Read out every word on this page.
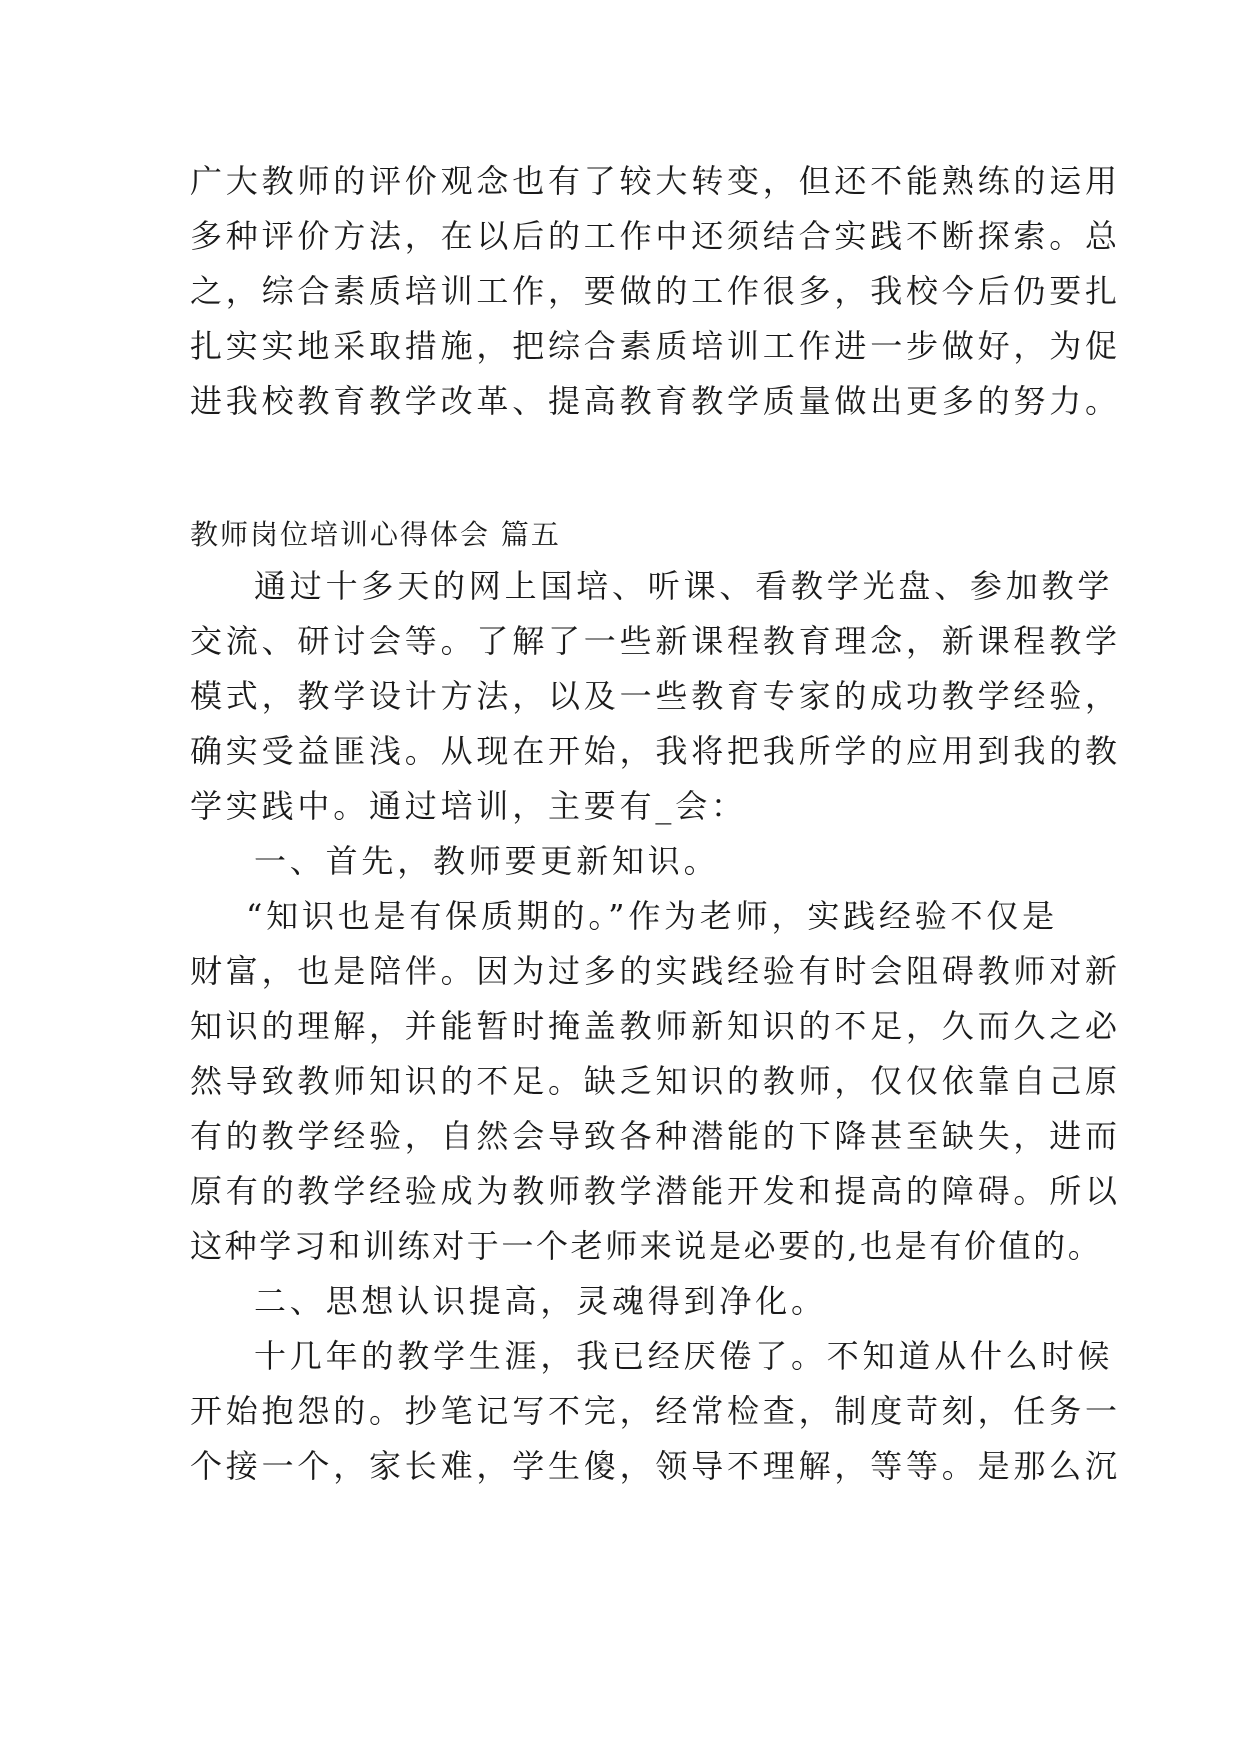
广大教师的评价观念也有了较大转变，但还不能熟练的运用
多种评价方法，在以后的工作中还须结合实践不断探索。总
之，综合素质培训工作，要做的工作很多，我校今后仍要扎
扎实实地采取措施，把综合素质培训工作进一步做好，为促
进我校教育教学改革、提高教育教学质量做出更多的努力。
教师岗位培训心得体会 篇五
通过十多天的网上国培、听课、看教学光盘、参加教学
交流、研讨会等。了解了一些新课程教育理念，新课程教学
模式，教学设计方法，以及一些教育专家的成功教学经验，
确实受益匪浅。从现在开始，我将把我所学的应用到我的教
学实践中。通过培训，主要有_会：
一、首先，教师要更新知识。
“知识也是有保质期的。”作为老师，实践经验不仅是
财富，也是陪伴。因为过多的实践经验有时会阻碍教师对新
知识的理解，并能暂时掩盖教师新知识的不足，久而久之必
然导致教师知识的不足。缺乏知识的教师，仅仅依靠自己原
有的教学经验，自然会导致各种潜能的下降甚至缺失，进而
原有的教学经验成为教师教学潜能开发和提高的障碍。所以
这种学习和训练对于一个老师来说是必要的,也是有价值的。
二、思想认识提高，灵魂得到净化。
十几年的教学生涯，我已经厌倦了。不知道从什么时候
开始抱怨的。抄笔记写不完，经常检查，制度苛刻，任务一
个接一个，家长难，学生傻，领导不理解，等等。是那么沉
